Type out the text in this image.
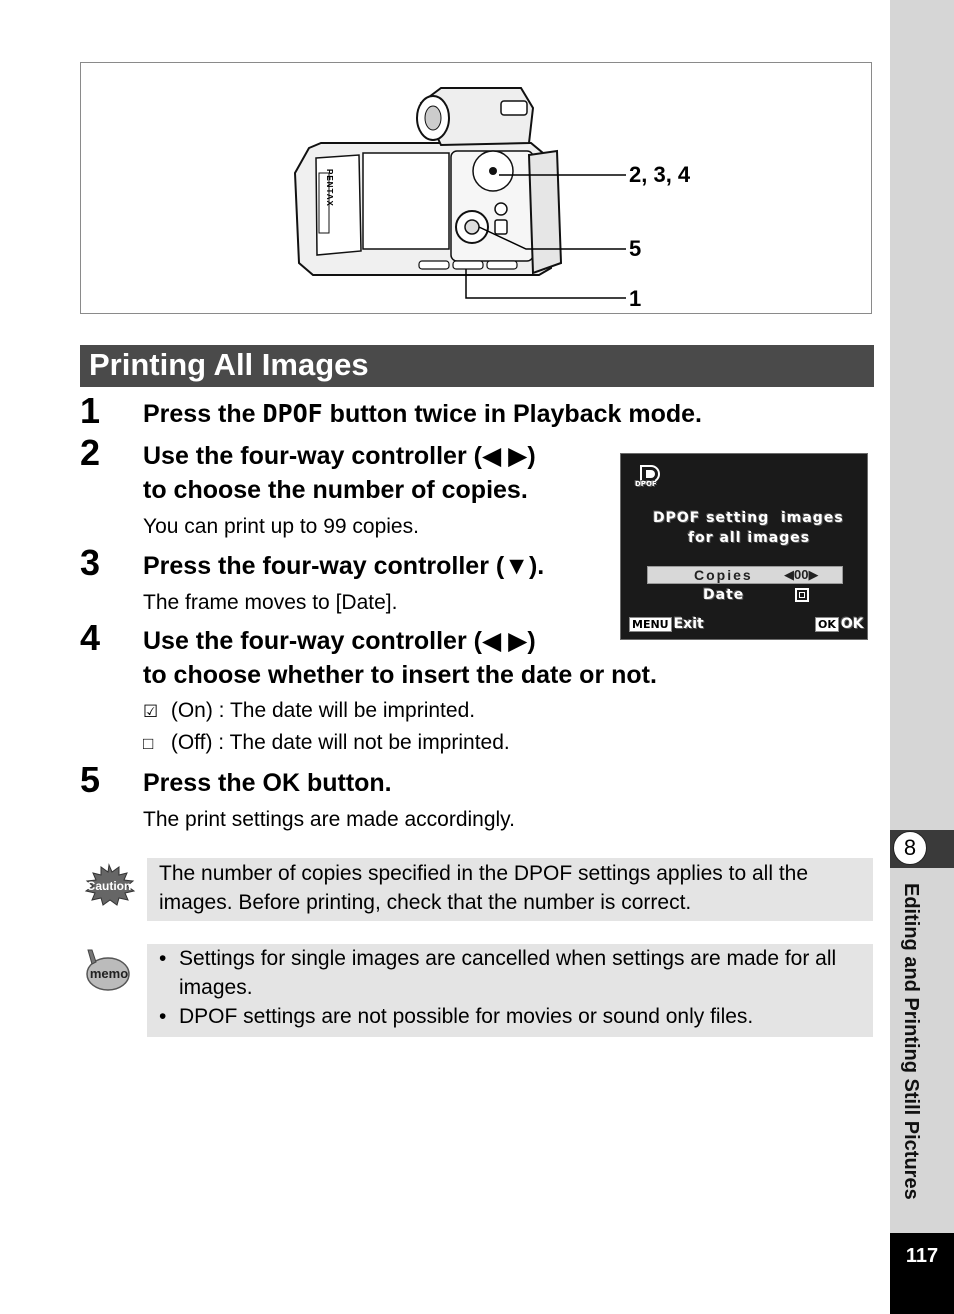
2, 3, 4
5
1
PENTAX
Printing All Images
1 Press the DPOF button twice in Playback mode.
2 Use the four-way controller (◀ ▶)
to choose the number of copies.
You can print up to 99 copies.
3 Press the four-way controller (▼).
The frame moves to [Date].
4 Use the four-way controller (◀ ▶)
to choose whether to insert the date or not.
☑ (On) : The date will be imprinted.
□ (Off) : The date will not be imprinted.
5 Press the OK button.
The print settings are made accordingly.
DPOF
DPOF setting  images
for all images
Copies ◀00▶
Date
MENU Exit	OK OK
Caution
The number of copies specified in the DPOF settings applies to all the images. Before printing, check that the number is correct.
memo
• Settings for single images are cancelled when settings are made for all images.
• DPOF settings are not possible for movies or sound only files.
8
Editing and Printing Still Pictures
117
